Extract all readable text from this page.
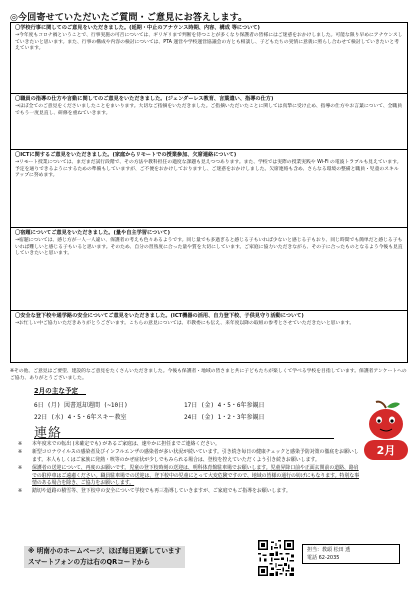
◎今回寄せていただいたご質問・ご意見にお答えします。
〇学校行事に関してのご意見をいただきました。(延期・中止のアナウンス時期、内容、構成 等について)
→今年度もコロナ禍ということで、行事実施の可否については、ギリギリまで判断を待つことが多くなり保護者の皆様にはご迷惑をおかけしました。可能な限り早めにアナウンスしていきたいと思います。また、行事の構成や内容の検討については、PTA 運営や学校運営協議会の方とも相談し、子どもたちの実情に意義に照らし合わせて検討していきたいと考えています。
〇職員の指導の仕方や言動に関してのご意見をいただきました。(ジェンダーレス教育、言葉遣い、指導の仕方)
→ほぼ全てのご意見をくださいましたことをまいります。大切なご指摘をいただきました。ご指摘いただいたことに関しては真摯に受け止め、指導の仕方やお言葉について、全職員でもう一度見直し、研修を重ねていきます。
〇ICTに関するご意見をいただきました。(家庭からリモートでの授業参加、欠席連絡について)
→リモート授業については、まだまだ試行段階で、その方法や教科担任の適度な課題も見えつつあります。また、学校では実際の授業実践や Wi-Fi の電波トラブルも見えています。予定を通りできるようにするための準備もしていますが、ご不便をおかけしておりますし、ご迷惑をおかけしました。欠席連絡も含め、さらなる環境の整備と職員・児童のスキルアップに努めます。
〇宿題についてご意見をいただきました。(量や自主学習について)
→宿題については、感じ方が一人一人違い、保護者の考えも色々あるようです。同じ量でも多過ぎると感じる子もいれば少ないと感じる子もおり、同じ時間でも簡単だと感じる子もいれば難しいと感じる子もいると思います。そのため、自分の習熟度に合った量や質を大切にしています。ご家庭に協力いただきながら、その子に合ったものとなるよう今後も見直していきたいと思います。
〇安全な登下校や通学路の安全についてご意見をいただきました。(ICT機器の活用、自力登下校、子供見守り活動について)
→お忙しい中ご協力いただきありがとうございます。こちらの意見については、市教委にも伝え、来年度以降の取組の参考とさせていただきたいと思います。
※その他、ご意見はご要望、建設的なご意見をたくさんいただきました。今後も保護者・地域の皆さまと共に子どもたちが楽しくて学べる学校を目指しています。保護者アンケートへのご協力、ありがとうございました。
2月の主な予定
6日 (月) 図書返却週間 (~10日)	17日 (金) 4・5・6年参観日
22日 (水) 4・5・6年スキー教室	24日 (金) 1・2・3年参観日
2月
連絡
※	本年度末での転出 (未確定でも) があるご家庭は、速やかに担任までご連絡ください。
※	新型コロナウイルスの感染者及びインフルエンザの感染者が多い状況が続いています。引き続き毎日の健康チェックと感染予防対策の徹底をお願いします。本人もしくはご家族に発熱・咳等のかぜ症状が少しでもみられる場合は、登校を控えていただくよう引き続きお願いします。
※	保護者の送迎について、再度のお願いです。児童の登下校時刻の送迎は、明科体育館駐車場でお願いします。児童昇降口前や正面玄関前の道路、路肩での駐停車はご遠慮ください。職員駐車場での送迎は、登下校中の児童にとって大変危険ですので、地域の皆様の通行の妨げにもなります。特別な事情のある場合を除き、ご協力をお願いします。
※	踏切や道路の積雪等、登下校中の安全について学校でも再三指導していきますが、ご家庭でもご指導をお願いします。
※ 明南小のホームページ、ほぼ毎日更新しています
スマートフォンの方は右のQRコードから
担当：教頭 松田 透
電話 62-2035
